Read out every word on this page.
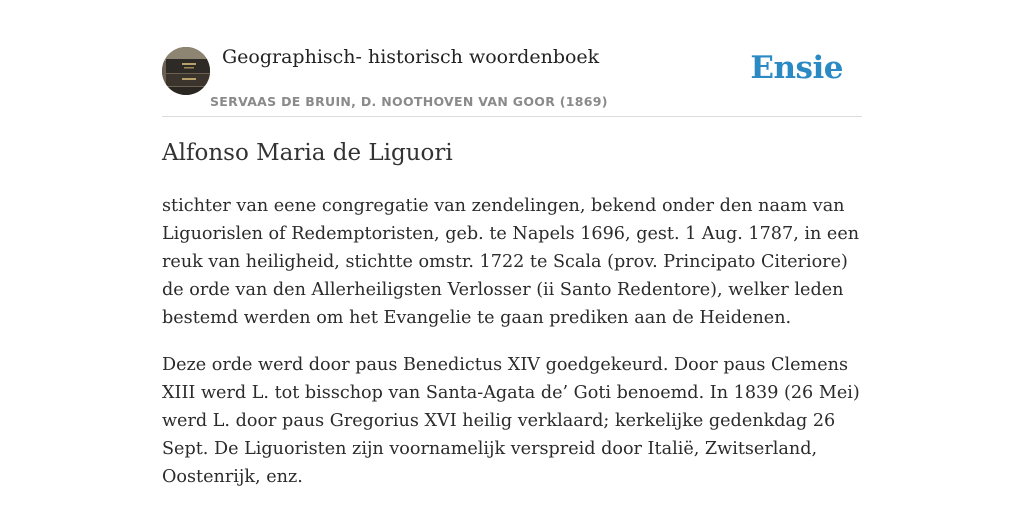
Geographisch- historisch woordenboek
SERVAAS DE BRUIN, D. NOOTHOVEN VAN GOOR (1869)
Ensie
Alfonso Maria de Liguori

stichter van eene congregatie van zendelingen, bekend onder den naam van Liguorislen of Redemptoristen, geb. te Napels 1696, gest. 1 Aug. 1787, in een reuk van heiligheid, stichtte omstr. 1722 te Scala (prov. Principato Citeriore) de orde van den Allerheiligsten Verlosser (ii Santo Redentore), welker leden bestemd werden om het Evangelie te gaan prediken aan de Heidenen.

Deze orde werd door paus Benedictus XIV goedgekeurd. Door paus Clemens XIII werd L. tot bisschop van Santa-Agata de’ Goti benoemd. In 1839 (26 Mei) werd L. door paus Gregorius XVI heilig verklaard; kerkelijke gedenkdag 26 Sept. De Liguoristen zijn voornamelijk verspreid door Italië, Zwitserland, Oostenrijk, enz.
